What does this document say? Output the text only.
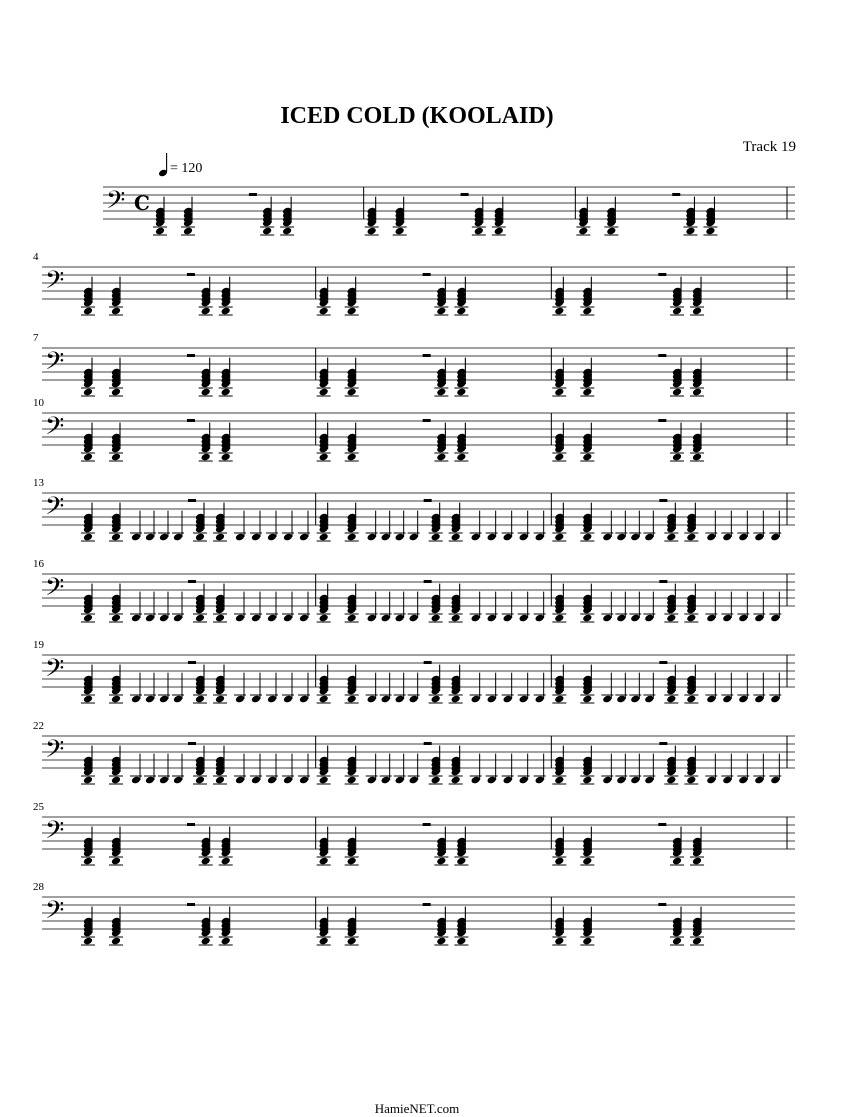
ICED COLD (KOOLAID)
Track 19
= 120
𝄢 C
𝄢
4
𝄢
7
𝄢
10
𝄢
13
𝄢
16
𝄢
19
𝄢
22
𝄢
25
𝄢
28
HamieNET.com
